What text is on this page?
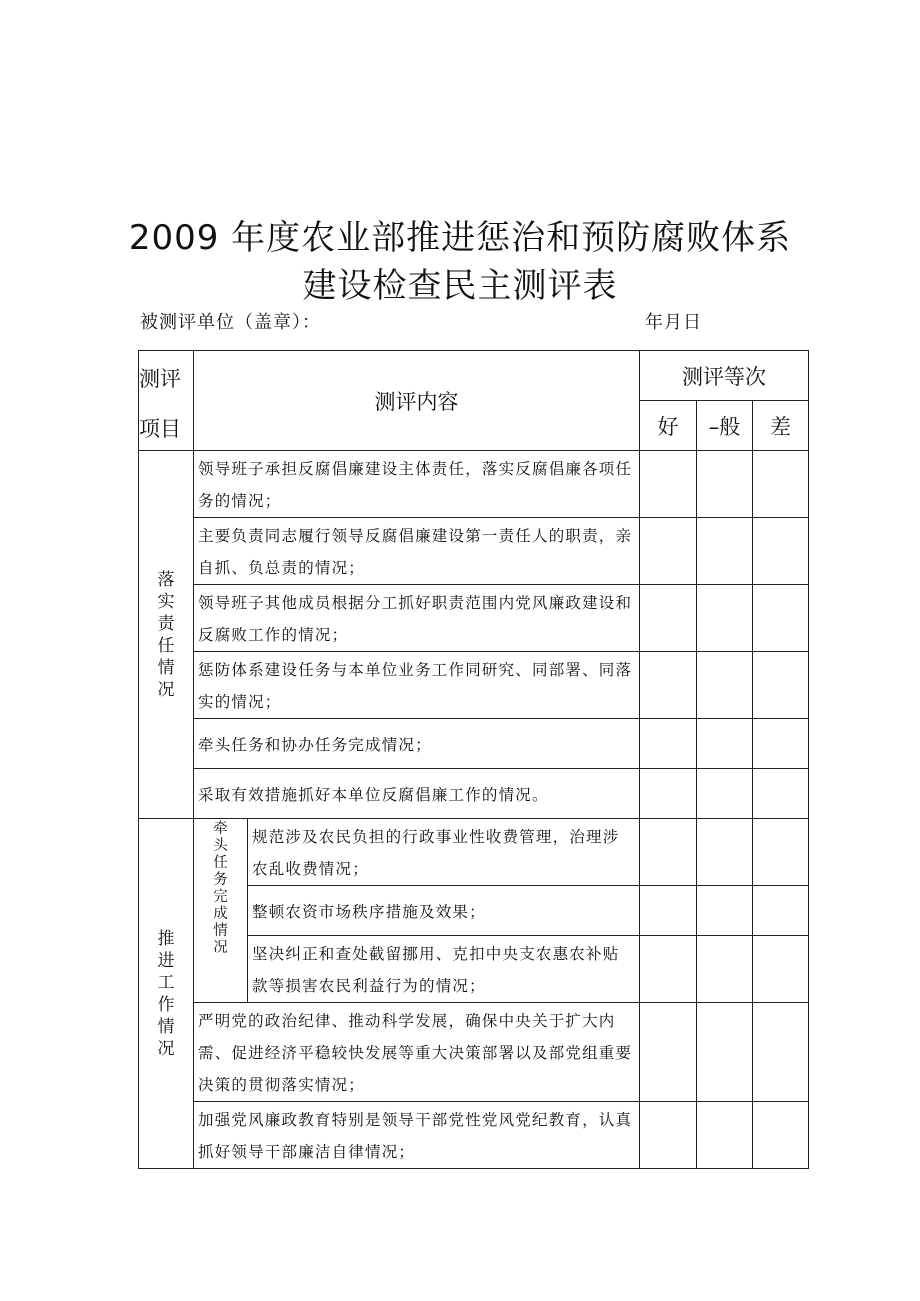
2009 年度农业部推进惩治和预防腐败体系
建设检查民主测评表
被测评单位（盖章）：	年月日
测评
项目	测评内容		测评等次		
			好	–般	差

落实责任情况	领导班子承担反腐倡廉建设主体责任，落实反腐倡廉各项任务的情况；				
	主要负责同志履行领导反腐倡廉建设第一责任人的职责，亲自抓、负总责的情况；				
	领导班子其他成员根据分工抓好职责范围内党风廉政建设和反腐败工作的情况；				
	惩防体系建设任务与本单位业务工作同研究、同部署、同落实的情况；				
	牵头任务和协办任务完成情况；				
	采取有效措施抓好本单位反腐倡廉工作的情况。				

推进工作情况	牵头任务完成情况	规范涉及农民负担的行政事业性收费管理，治理涉农乱收费情况；			
		整顿农资市场秩序措施及效果；			
		坚决纠正和查处截留挪用、克扣中央支农惠农补贴款等损害农民利益行为的情况；			
	严明党的政治纪律、推动科学发展，确保中央关于扩大内需、促进经济平稳较快发展等重大决策部署以及部党组重要决策的贯彻落实情况；				
	加强党风廉政教育特别是领导干部党性党风党纪教育，认真抓好领导干部廉洁自律情况；				
